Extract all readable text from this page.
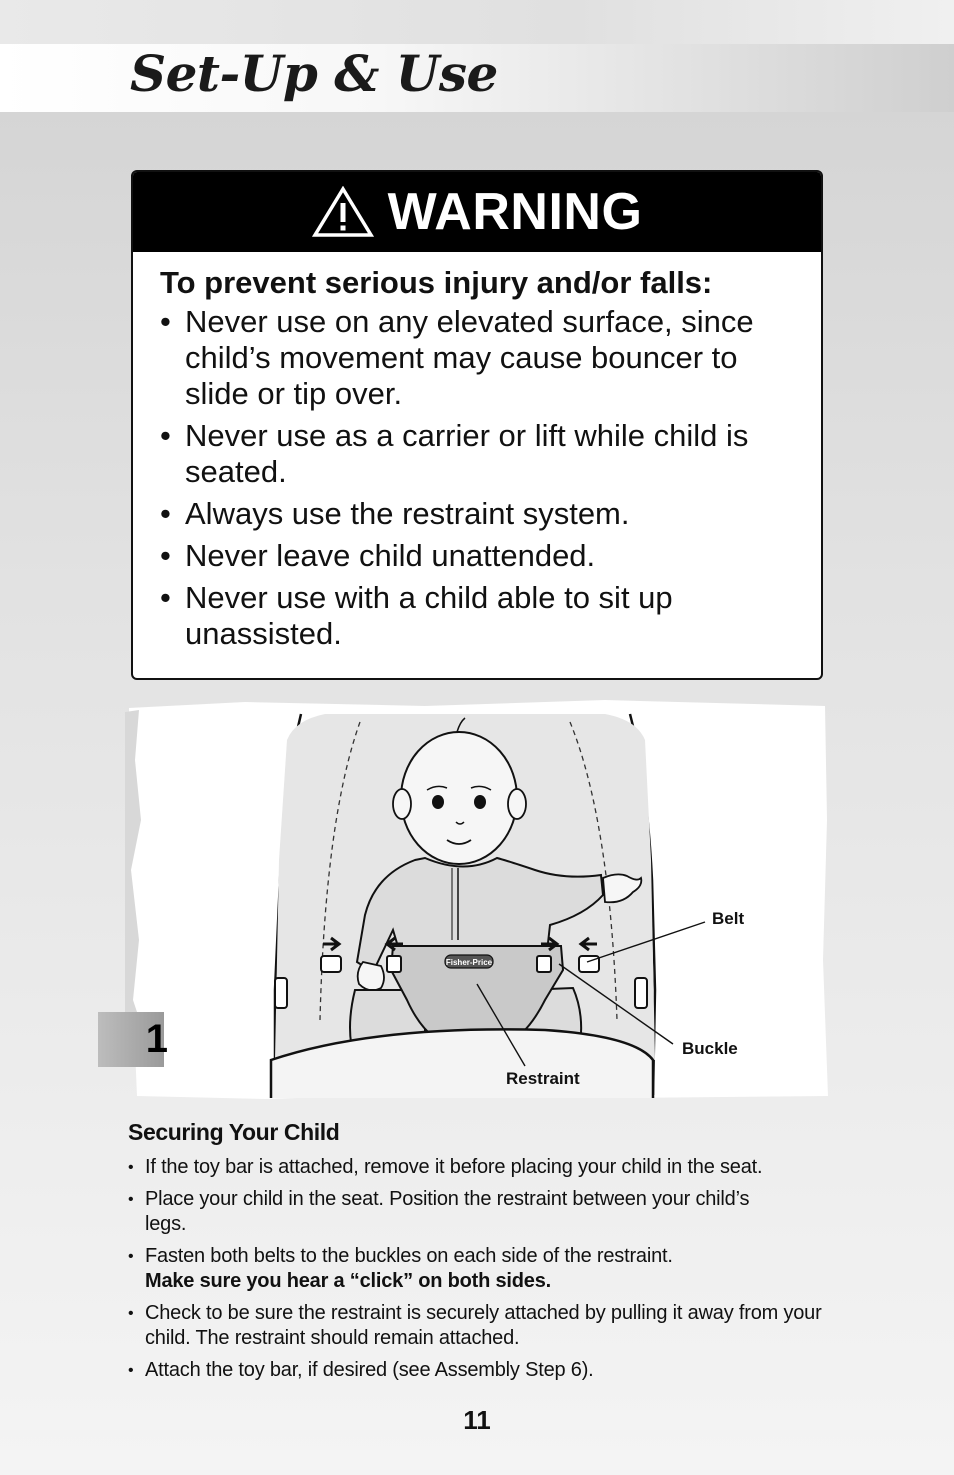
Set-Up & Use
WARNING

To prevent serious injury and/or falls:

• Never use on any elevated surface, since child’s movement may cause bouncer to slide or tip over.
• Never use as a carrier or lift while child is seated.
• Always use the restraint system.
• Never leave child unattended.
• Never use with a child able to sit up unassisted.
Fisher-Price
Belt
Buckle
Restraint
1
Securing Your Child
• If the toy bar is attached, remove it before placing your child in the seat.
• Place your child in the seat. Position the restraint between your child’s legs.
• Fasten both belts to the buckles on each side of the restraint.
Make sure you hear a “click” on both sides.
• Check to be sure the restraint is securely attached by pulling it away from your child. The restraint should remain attached.
• Attach the toy bar, if desired (see Assembly Step 6).
11
